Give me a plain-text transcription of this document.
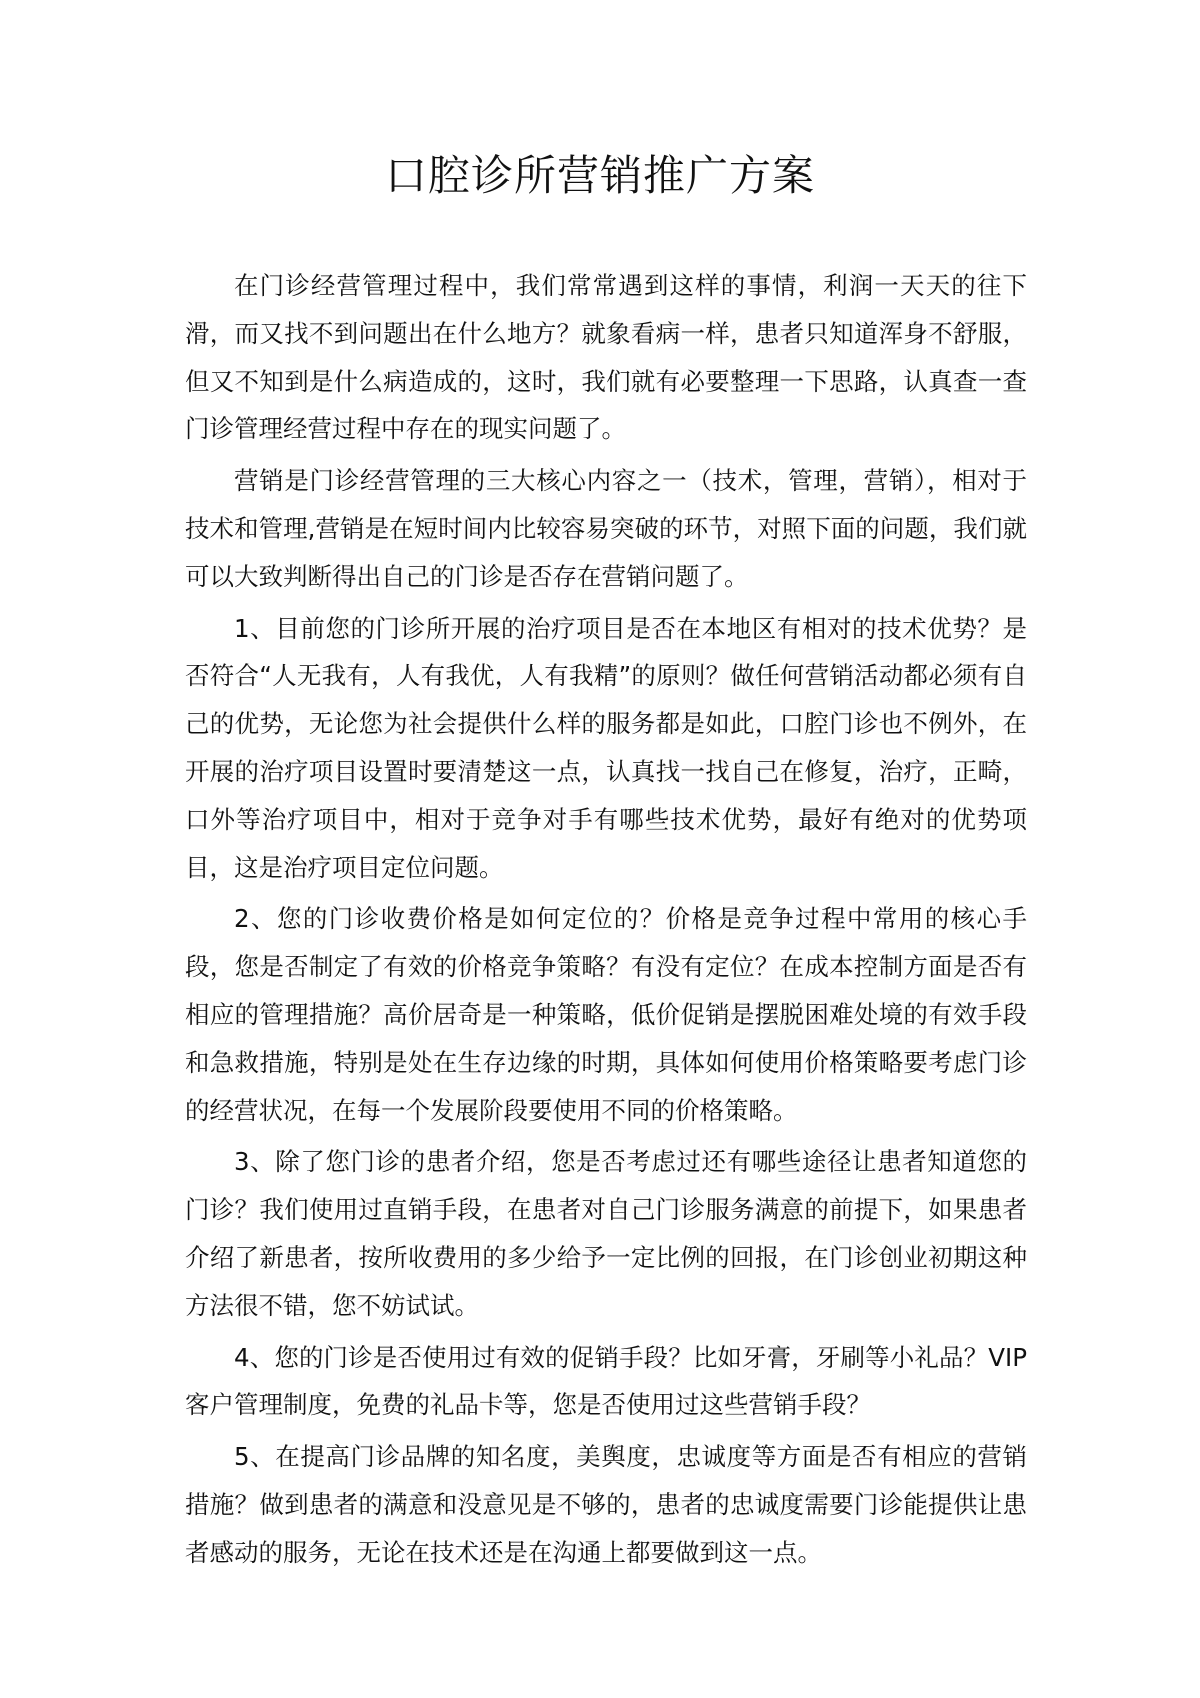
口腔诊所营销推广方案

在门诊经营管理过程中，我们常常遇到这样的事情，利润一天天的往下滑，而又找不到问题出在什么地方？就象看病一样，患者只知道浑身不舒服，但又不知到是什么病造成的，这时，我们就有必要整理一下思路，认真查一查门诊管理经营过程中存在的现实问题了。

营销是门诊经营管理的三大核心内容之一（技术，管理，营销），相对于技术和管理,营销是在短时间内比较容易突破的环节，对照下面的问题，我们就可以大致判断得出自己的门诊是否存在营销问题了。

1、目前您的门诊所开展的治疗项目是否在本地区有相对的技术优势？是否符合“人无我有，人有我优，人有我精”的原则？做任何营销活动都必须有自己的优势，无论您为社会提供什么样的服务都是如此，口腔门诊也不例外，在开展的治疗项目设置时要清楚这一点，认真找一找自己在修复，治疗，正畸，口外等治疗项目中，相对于竞争对手有哪些技术优势，最好有绝对的优势项目，这是治疗项目定位问题。

2、您的门诊收费价格是如何定位的？价格是竞争过程中常用的核心手段，您是否制定了有效的价格竞争策略？有没有定位？在成本控制方面是否有相应的管理措施？高价居奇是一种策略，低价促销是摆脱困难处境的有效手段和急救措施，特别是处在生存边缘的时期，具体如何使用价格策略要考虑门诊的经营状况，在每一个发展阶段要使用不同的价格策略。

3、除了您门诊的患者介绍，您是否考虑过还有哪些途径让患者知道您的门诊？我们使用过直销手段，在患者对自己门诊服务满意的前提下，如果患者介绍了新患者，按所收费用的多少给予一定比例的回报，在门诊创业初期这种方法很不错，您不妨试试。

4、您的门诊是否使用过有效的促销手段？比如牙膏，牙刷等小礼品？VIP客户管理制度，免费的礼品卡等，您是否使用过这些营销手段？

5、在提高门诊品牌的知名度，美舆度，忠诚度等方面是否有相应的营销措施？做到患者的满意和没意见是不够的，患者的忠诚度需要门诊能提供让患者感动的服务，无论在技术还是在沟通上都要做到这一点。
